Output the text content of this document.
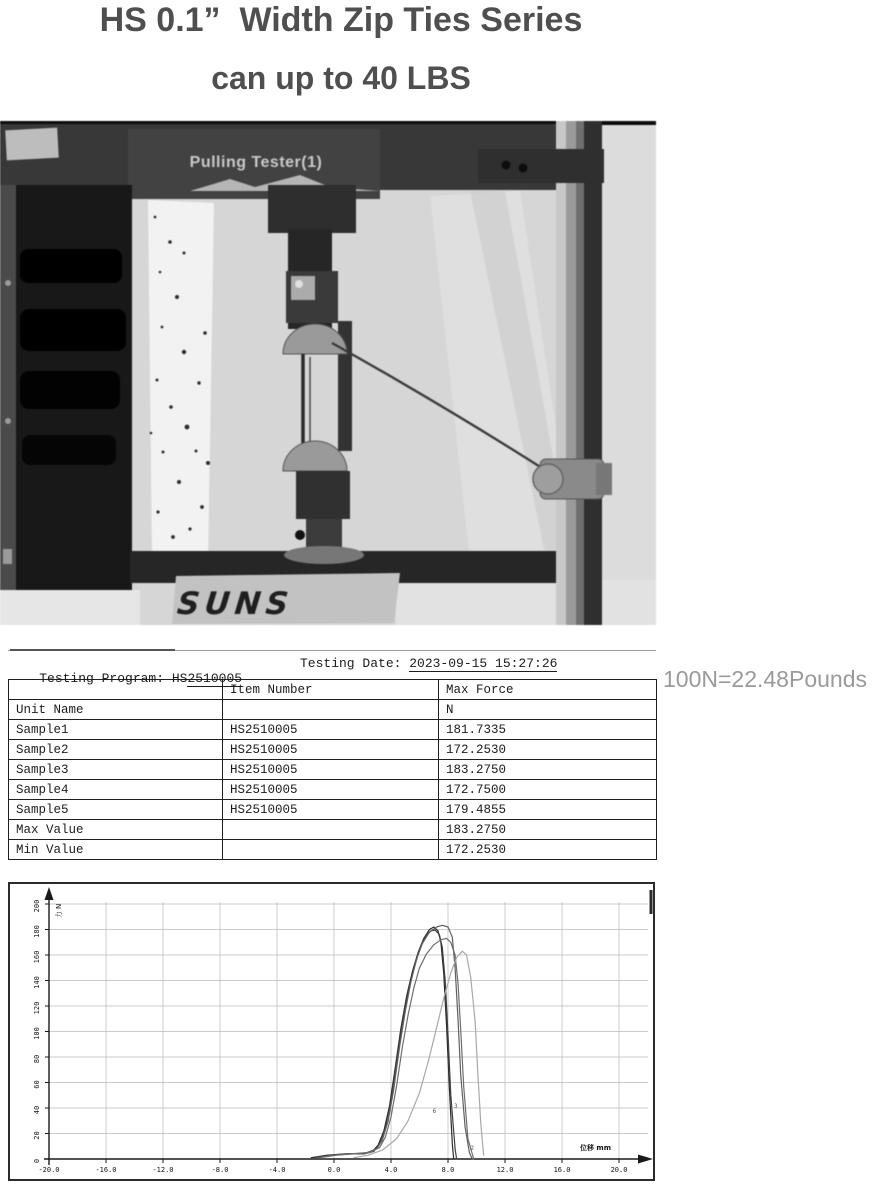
HS 0.1”  Width Zip Ties Series
can up to 40 LBS
Pulling Tester(1)
SUNS

Testing Program: HS2510005

Testing Date: 2023-09-15 15:27:26

	Item Number	Max Force
Unit Name		N
Sample1	HS2510005	181.7335
Sample2	HS2510005	172.2530
Sample3	HS2510005	183.2750
Sample4	HS2510005	172.7500
Sample5	HS2510005	179.4855
Max Value		183.2750
Min Value		172.2530
100N=22.48Pounds
-20.0	-16.0	-12.0	-8.0	-4.0	0.0	4.0	8.0	12.0	16.0	20.0
0
20
40
60
80
100
120
140
160
180
200 力 N
位移 mm
6
3
2
